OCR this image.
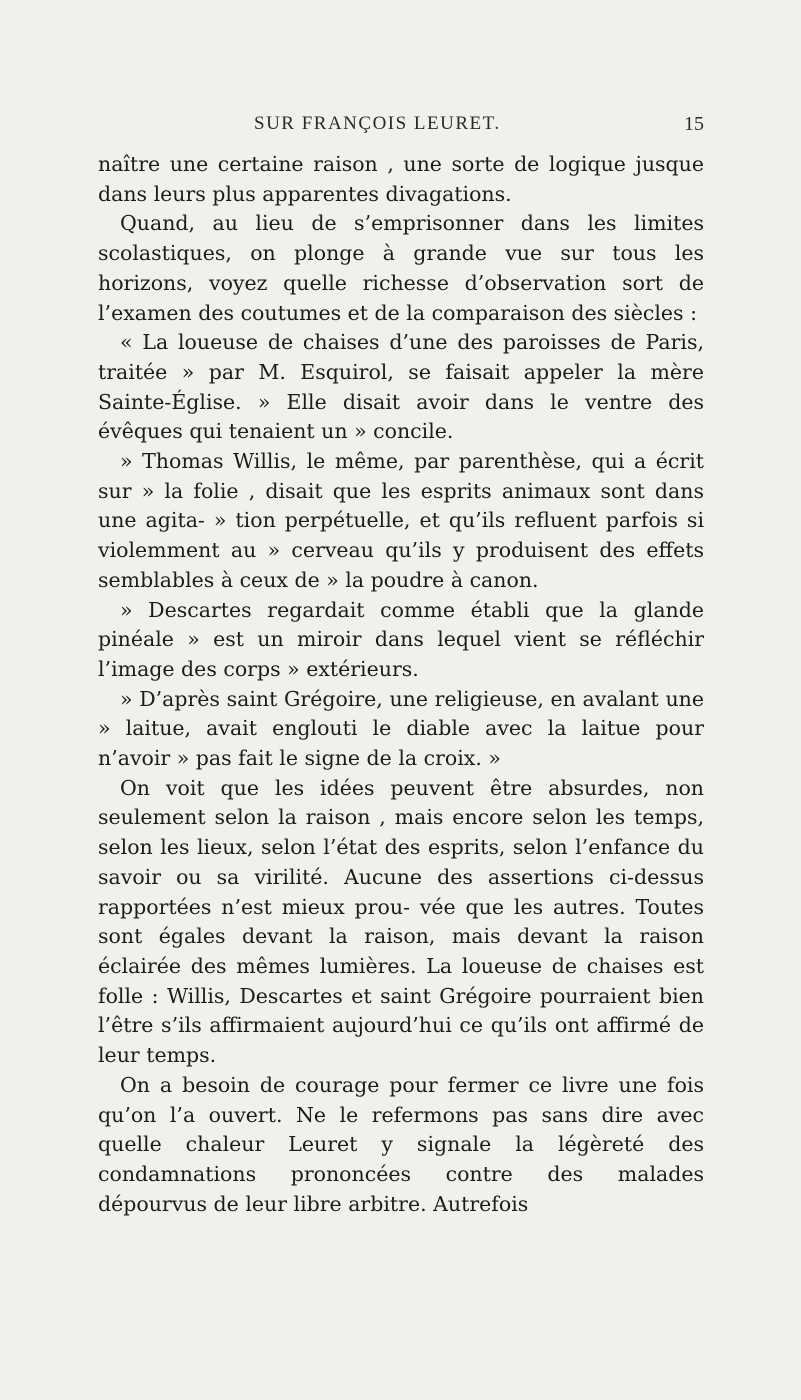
SUR FRANÇOIS LEURET.	15

naître une certaine raison , une sorte de logique jusque dans leurs plus apparentes divagations.

Quand, au lieu de s’emprisonner dans les limites scolastiques, on plonge à grande vue sur tous les horizons, voyez quelle richesse d’observation sort de l’examen des coutumes et de la comparaison des siècles :

« La loueuse de chaises d’une des paroisses de Paris, traitée » par M. Esquirol, se faisait appeler la mère Sainte-Église. » Elle disait avoir dans le ventre des évêques qui tenaient un » concile.

» Thomas Willis, le même, par parenthèse, qui a écrit sur » la folie , disait que les esprits animaux sont dans une agita- » tion perpétuelle, et qu’ils refluent parfois si violemment au » cerveau qu’ils y produisent des effets semblables à ceux de » la poudre à canon.

» Descartes regardait comme établi que la glande pinéale » est un miroir dans lequel vient se réfléchir l’image des corps » extérieurs.

» D’après saint Grégoire, une religieuse, en avalant une » laitue, avait englouti le diable avec la laitue pour n’avoir » pas fait le signe de la croix. »

On voit que les idées peuvent être absurdes, non seulement selon la raison , mais encore selon les temps, selon les lieux, selon l’état des esprits, selon l’enfance du savoir ou sa virilité. Aucune des assertions ci-dessus rapportées n’est mieux prou- vée que les autres. Toutes sont égales devant la raison, mais devant la raison éclairée des mêmes lumières. La loueuse de chaises est folle : Willis, Descartes et saint Grégoire pourraient bien l’être s’ils affirmaient aujourd’hui ce qu’ils ont affirmé de leur temps.

On a besoin de courage pour fermer ce livre une fois qu’on l’a ouvert. Ne le refermons pas sans dire avec quelle chaleur Leuret y signale la légèreté des condamnations prononcées contre des malades dépourvus de leur libre arbitre. Autrefois
